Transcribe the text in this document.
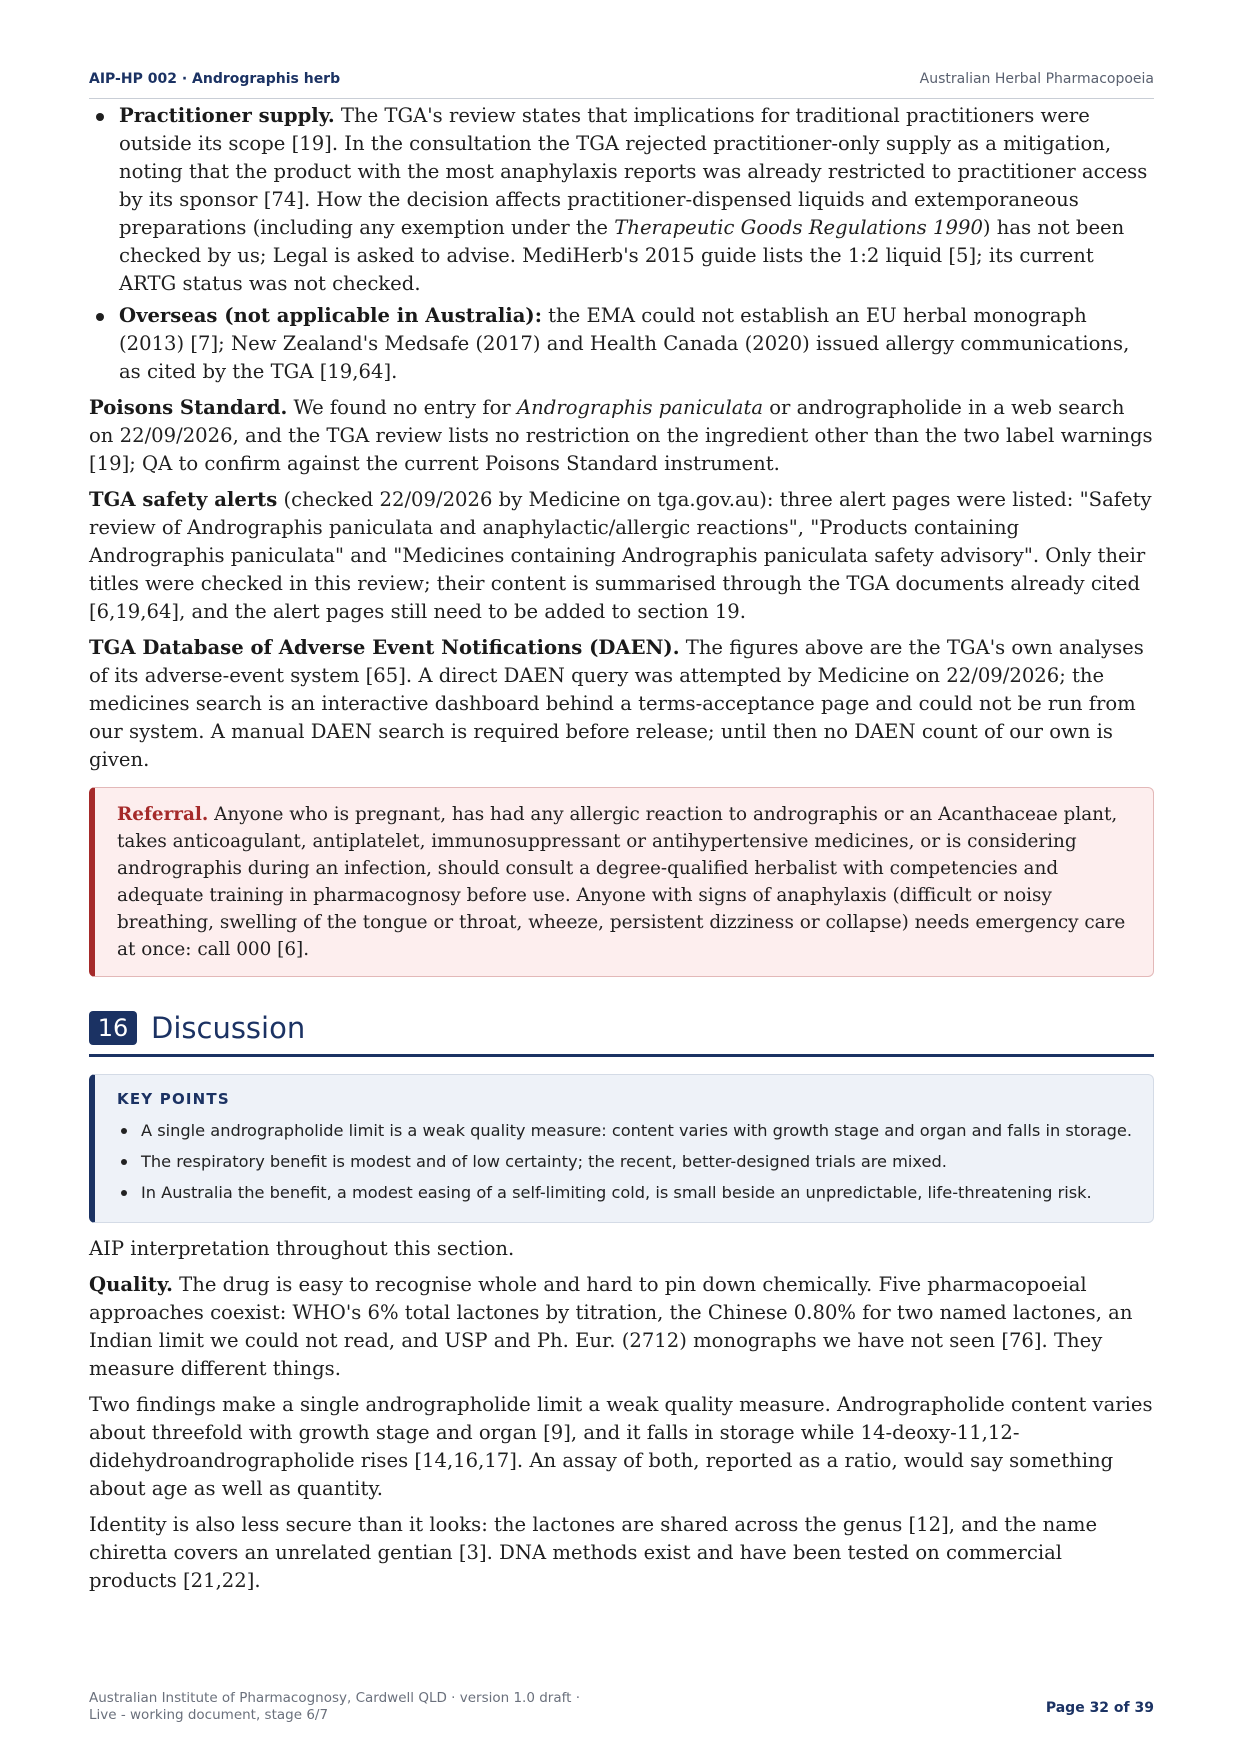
AIP-HP 002 · Andrographis herb	Australian Herbal Pharmacopoeia
Practitioner supply. The TGA's review states that implications for traditional practitioners were outside its scope [19]. In the consultation the TGA rejected practitioner-only supply as a mitigation, noting that the product with the most anaphylaxis reports was already restricted to practitioner access by its sponsor [74]. How the decision affects practitioner-dispensed liquids and extemporaneous preparations (including any exemption under the Therapeutic Goods Regulations 1990) has not been checked by us; Legal is asked to advise. MediHerb's 2015 guide lists the 1:2 liquid [5]; its current ARTG status was not checked.
Overseas (not applicable in Australia): the EMA could not establish an EU herbal monograph (2013) [7]; New Zealand's Medsafe (2017) and Health Canada (2020) issued allergy communications, as cited by the TGA [19,64].

Poisons Standard. We found no entry for Andrographis paniculata or andrographolide in a web search on 22/09/2026, and the TGA review lists no restriction on the ingredient other than the two label warnings [19]; QA to confirm against the current Poisons Standard instrument.

TGA safety alerts (checked 22/09/2026 by Medicine on tga.gov.au): three alert pages were listed: "Safety review of Andrographis paniculata and anaphylactic/allergic reactions", "Products containing Andrographis paniculata" and "Medicines containing Andrographis paniculata safety advisory". Only their titles were checked in this review; their content is summarised through the TGA documents already cited [6,19,64], and the alert pages still need to be added to section 19.

TGA Database of Adverse Event Notifications (DAEN). The figures above are the TGA's own analyses of its adverse-event system [65]. A direct DAEN query was attempted by Medicine on 22/09/2026; the medicines search is an interactive dashboard behind a terms-acceptance page and could not be run from our system. A manual DAEN search is required before release; until then no DAEN count of our own is given.

Referral. Anyone who is pregnant, has had any allergic reaction to andrographis or an Acanthaceae plant, takes anticoagulant, antiplatelet, immunosuppressant or antihypertensive medicines, or is considering andrographis during an infection, should consult a degree-qualified herbalist with competencies and adequate training in pharmacognosy before use. Anyone with signs of anaphylaxis (difficult or noisy breathing, swelling of the tongue or throat, wheeze, persistent dizziness or collapse) needs emergency care at once: call 000 [6].
16 Discussion
KEY POINTS
A single andrographolide limit is a weak quality measure: content varies with growth stage and organ and falls in storage.
The respiratory benefit is modest and of low certainty; the recent, better-designed trials are mixed.
In Australia the benefit, a modest easing of a self-limiting cold, is small beside an unpredictable, life-threatening risk.

AIP interpretation throughout this section.

Quality. The drug is easy to recognise whole and hard to pin down chemically. Five pharmacopoeial approaches coexist: WHO's 6% total lactones by titration, the Chinese 0.80% for two named lactones, an Indian limit we could not read, and USP and Ph. Eur. (2712) monographs we have not seen [76]. They measure different things.

Two findings make a single andrographolide limit a weak quality measure. Andrographolide content varies about threefold with growth stage and organ [9], and it falls in storage while 14-deoxy-11,12-didehydroandrographolide rises [14,16,17]. An assay of both, reported as a ratio, would say something about age as well as quantity.

Identity is also less secure than it looks: the lactones are shared across the genus [12], and the name chiretta covers an unrelated gentian [3]. DNA methods exist and have been tested on commercial products [21,22].

Australian Institute of Pharmacognosy, Cardwell QLD · version 1.0 draft · Live - working document, stage 6/7	Page 32 of 39
